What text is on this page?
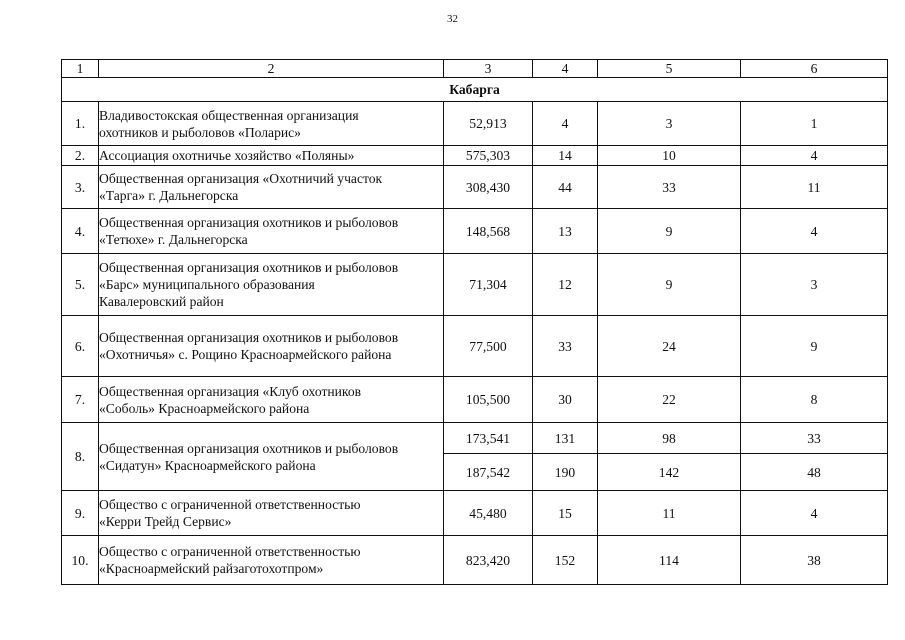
32
1	2	3	4	5	6
Кабарга					
1.	Владивостокская общественная организация
охотников и рыболовов «Поларис»	52,913	4	3	1
2.	Ассоциация охотничье хозяйство «Поляны»	575,303	14	10	4
3.	Общественная организация «Охотничий участок
«Тарга» г. Дальнегорска	308,430	44	33	11
4.	Общественная организация охотников и рыболовов
«Тетюхе» г. Дальнегорска	148,568	13	9	4
5.	Общественная организация охотников и рыболовов
«Барс» муниципального образования
Кавалеровский район	71,304	12	9	3
6.	Общественная организация охотников и рыболовов
«Охотничья» с. Рощино Красноармейского района	77,500	33	24	9
7.	Общественная организация «Клуб охотников
«Соболь» Красноармейского района	105,500	30	22	8
8.	Общественная организация охотников и рыболовов
«Сидатун» Красноармейского района	173,541	131	98	33
		187,542	190	142	48
9.	Общество с ограниченной ответственностью
«Керри Трейд Сервис»	45,480	15	11	4
10.	Общество с ограниченной ответственностью
«Красноармейский райзаготохотпром»	823,420	152	114	38
